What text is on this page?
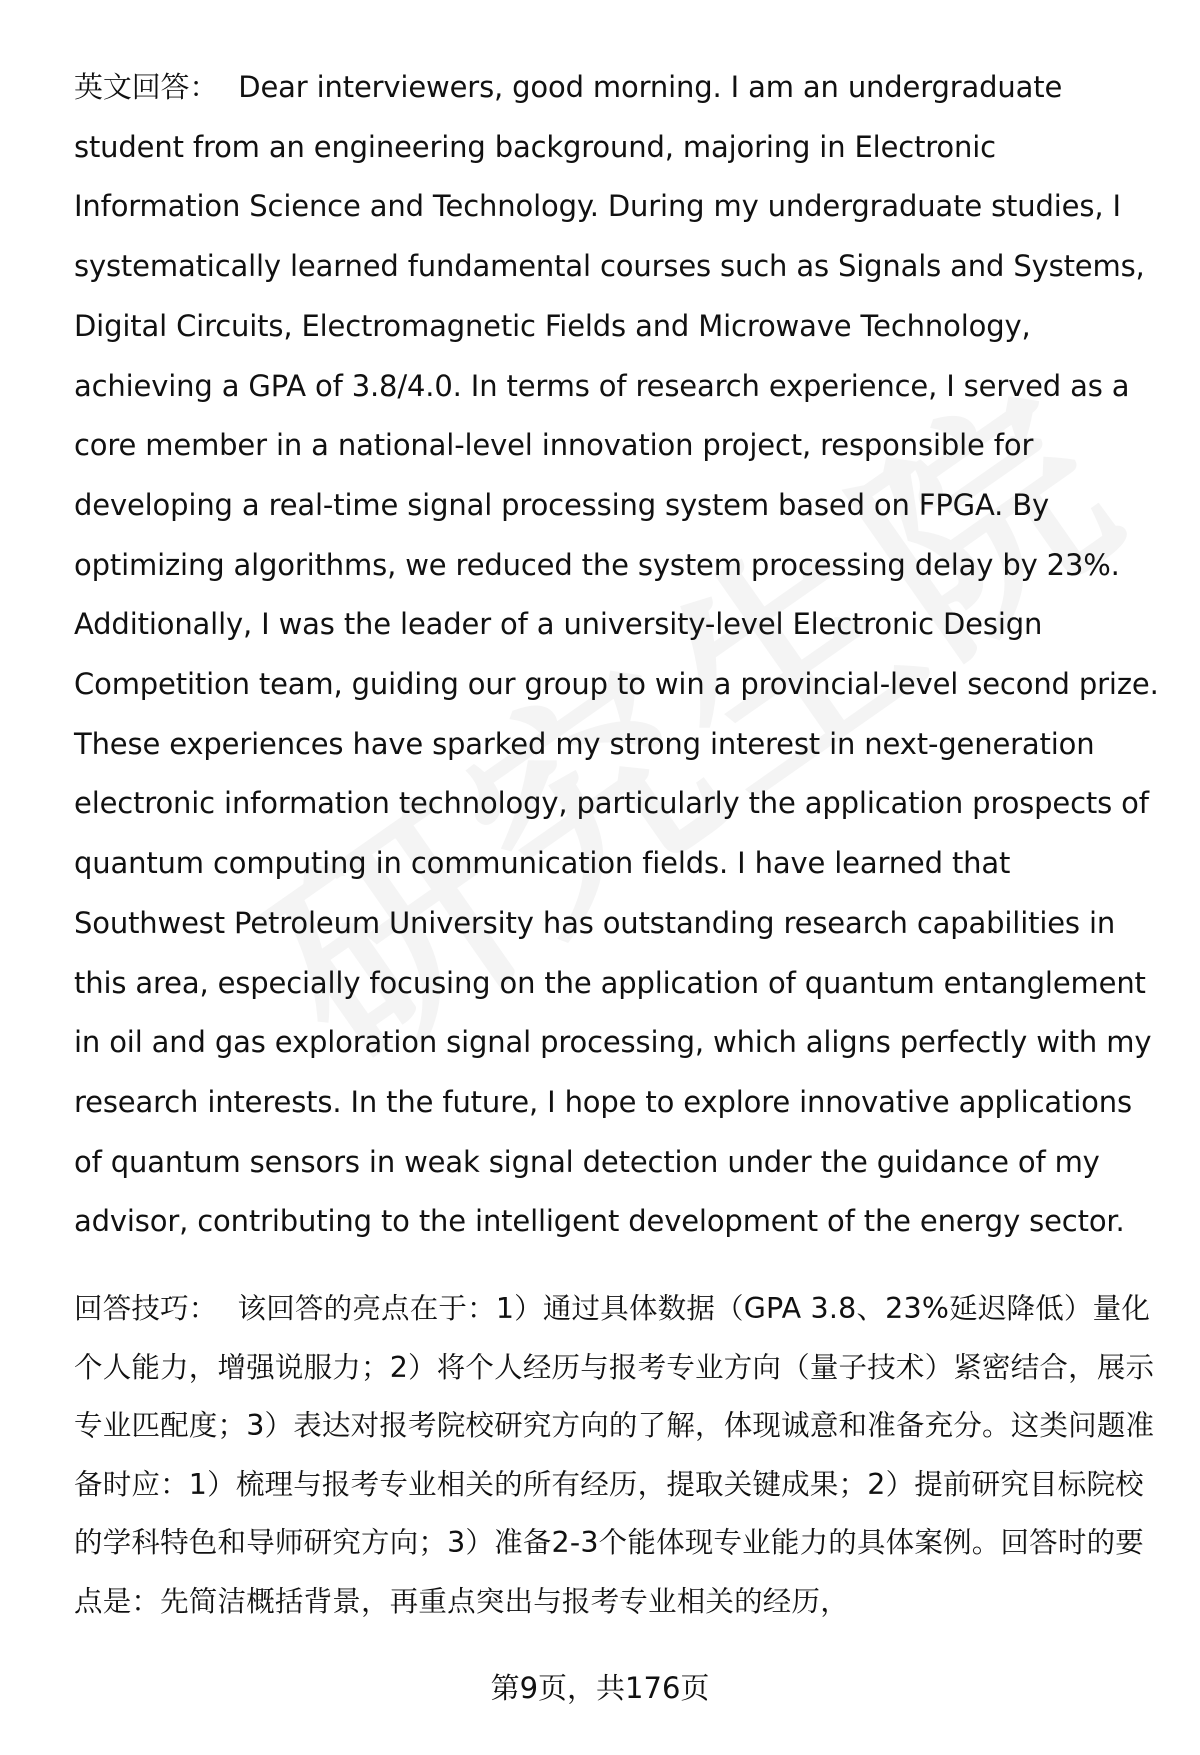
英文回答： Dear interviewers, good morning. I am an undergraduate student from an engineering background, majoring in Electronic Information Science and Technology. During my undergraduate studies, I systematically learned fundamental courses such as Signals and Systems, Digital Circuits, Electromagnetic Fields and Microwave Technology, achieving a GPA of 3.8/4.0. In terms of research experience, I served as a core member in a national-level innovation project, responsible for developing a real-time signal processing system based on FPGA. By optimizing algorithms, we reduced the system processing delay by 23%. Additionally, I was the leader of a university-level Electronic Design Competition team, guiding our group to win a provincial-level second prize. These experiences have sparked my strong interest in next-generation electronic information technology, particularly the application prospects of quantum computing in communication fields. I have learned that Southwest Petroleum University has outstanding research capabilities in this area, especially focusing on the application of quantum entanglement in oil and gas exploration signal processing, which aligns perfectly with my research interests. In the future, I hope to explore innovative applications of quantum sensors in weak signal detection under the guidance of my advisor, contributing to the intelligent development of the energy sector.

回答技巧： 该回答的亮点在于：1）通过具体数据（GPA 3.8、23%延迟降低）量化个人能力，增强说服力；2）将个人经历与报考专业方向（量子技术）紧密结合，展示专业匹配度；3）表达对报考院校研究方向的了解，体现诚意和准备充分。这类问题准备时应：1）梳理与报考专业相关的所有经历，提取关键成果；2）提前研究目标院校的学科特色和导师研究方向；3）准备2-3个能体现专业能力的具体案例。回答时的要点是：先简洁概括背景，再重点突出与报考专业相关的经历，

第9页，共176页
